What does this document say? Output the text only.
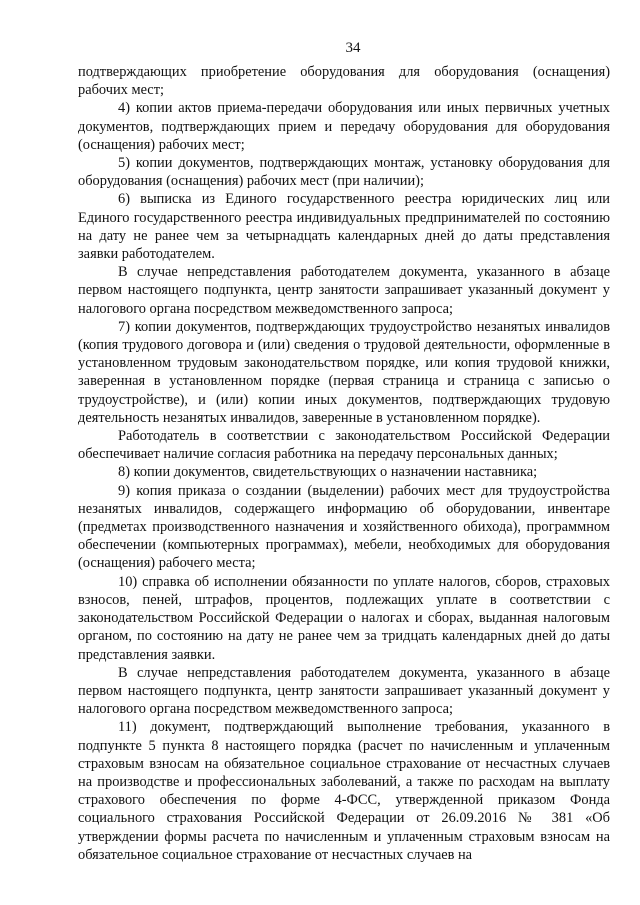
34

подтверждающих приобретение оборудования для оборудования (оснащения) рабочих мест;

4) копии актов приема-передачи оборудования или иных первичных учетных документов, подтверждающих прием и передачу оборудования для оборудования (оснащения) рабочих мест;

5) копии документов, подтверждающих монтаж, установку оборудования для оборудования (оснащения) рабочих мест (при наличии);

6) выписка из Единого государственного реестра юридических лиц или Единого государственного реестра индивидуальных предпринимателей по состоянию на дату не ранее чем за четырнадцать календарных дней до даты представления заявки работодателем.

В случае непредставления работодателем документа, указанного в абзаце первом настоящего подпункта, центр занятости запрашивает указанный документ у налогового органа посредством межведомственного запроса;

7) копии документов, подтверждающих трудоустройство незанятых инвалидов (копия трудового договора и (или) сведения о трудовой деятельности, оформленные в установленном трудовым законодательством порядке, или копия трудовой книжки, заверенная в установленном порядке (первая страница и страница с записью о трудоустройстве), и (или) копии иных документов, подтверждающих трудовую деятельность незанятых инвалидов, заверенные в установленном порядке).

Работодатель в соответствии с законодательством Российской Федерации обеспечивает наличие согласия работника на передачу персональных данных;

8) копии документов, свидетельствующих о назначении наставника;

9) копия приказа о создании (выделении) рабочих мест для трудоустройства незанятых инвалидов, содержащего информацию об оборудовании, инвентаре (предметах производственного назначения и хозяйственного обихода), программном обеспечении (компьютерных программах), мебели, необходимых для оборудования (оснащения) рабочего места;

10) справка об исполнении обязанности по уплате налогов, сборов, страховых взносов, пеней, штрафов, процентов, подлежащих уплате в соответствии с законодательством Российской Федерации о налогах и сборах, выданная налоговым органом, по состоянию на дату не ранее чем за тридцать календарных дней до даты представления заявки.

В случае непредставления работодателем документа, указанного в абзаце первом настоящего подпункта, центр занятости запрашивает указанный документ у налогового органа посредством межведомственного запроса;

11) документ, подтверждающий выполнение требования, указанного в подпункте 5 пункта 8 настоящего порядка (расчет по начисленным и уплаченным страховым взносам на обязательное социальное страхование от несчастных случаев на производстве и профессиональных заболеваний, а также по расходам на выплату страхового обеспечения по форме 4-ФСС, утвержденной приказом Фонда социального страхования Российской Федерации от 26.09.2016 № 381 «Об утверждении формы расчета по начисленным и уплаченным страховым взносам на обязательное социальное страхование от несчастных случаев на
